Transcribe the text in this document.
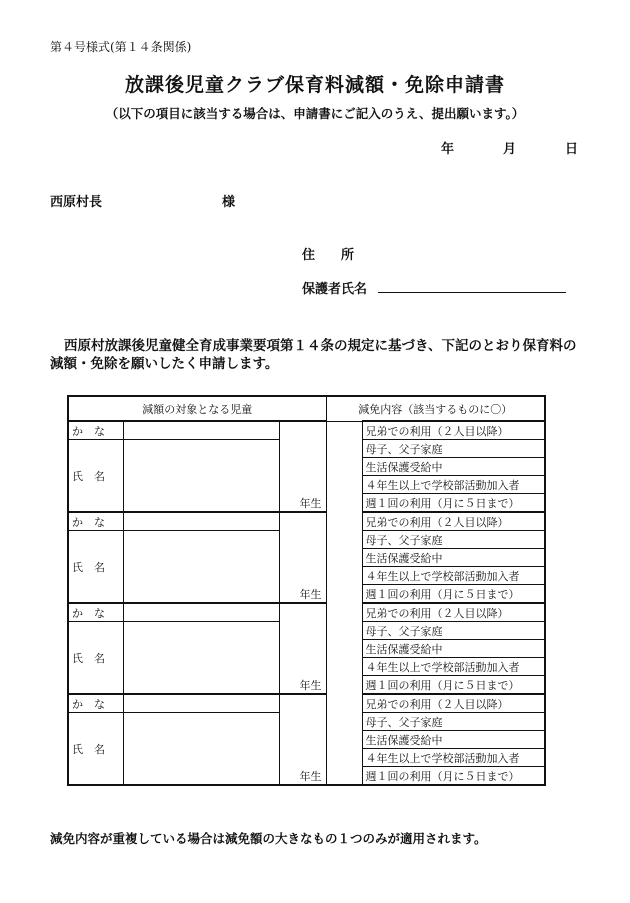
第４号様式(第１４条関係)
放課後児童クラブ保育料減額・免除申請書
（以下の項目に該当する場合は、申請書にご記入のうえ、提出願います。）
年	月	日
西原村長	様
住　　所
保護者氏名
西原村放課後児童健全育成事業要項第１４条の規定に基づき、下記のとおり保育料の減額・免除を願いしたく申請します。
減額の対象となる児童			減免内容（該当するものに〇）	
か　な		年生		兄弟での利用（２人目以降）
氏　名				母子、父子家庭
				生活保護受給中
				４年生以上で学校部活動加入者
				週１回の利用（月に５日まで）
か　な		年生		兄弟での利用（２人目以降）
氏　名				母子、父子家庭
				生活保護受給中
				４年生以上で学校部活動加入者
				週１回の利用（月に５日まで）
か　な		年生		兄弟での利用（２人目以降）
氏　名				母子、父子家庭
				生活保護受給中
				４年生以上で学校部活動加入者
				週１回の利用（月に５日まで）
か　な		年生		兄弟での利用（２人目以降）
氏　名				母子、父子家庭
				生活保護受給中
				４年生以上で学校部活動加入者
				週１回の利用（月に５日まで）
減免内容が重複している場合は減免額の大きなもの１つのみが適用されます。
